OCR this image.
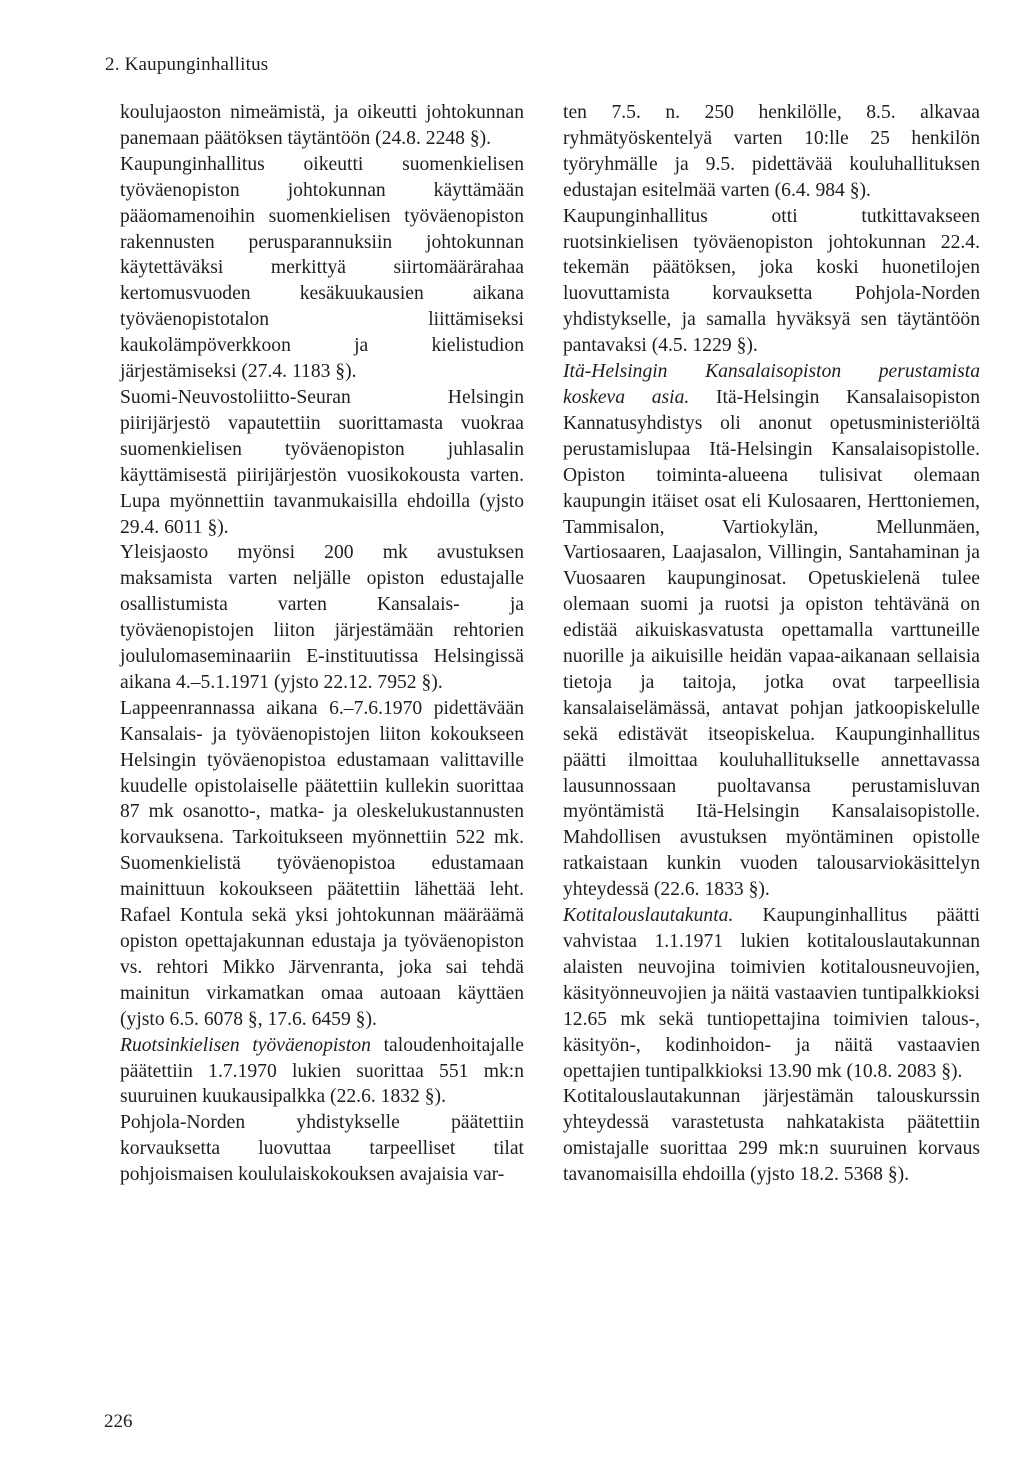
2. Kaupunginhallitus

koulujaoston nimeämistä, ja oikeutti johtokunnan panemaan päätöksen täytäntöön (24.8. 2248 §).

Kaupunginhallitus oikeutti suomenkielisen työväenopiston johtokunnan käyttämään pääomamenoihin suomenkielisen työväenopiston rakennusten perusparannuksiin johtokunnan käytettäväksi merkittyä siirtomäärärahaa kertomusvuoden kesäkuukausien aikana työväenopistotalon liittämiseksi kaukolämpöverkkoon ja kielistudion järjestämiseksi (27.4. 1183 §).

Suomi-Neuvostoliitto-Seuran Helsingin piirijärjestö vapautettiin suorittamasta vuokraa suomenkielisen työväenopiston juhlasalin käyttämisestä piirijärjestön vuosikokousta varten. Lupa myönnettiin tavanmukaisilla ehdoilla (yjsto 29.4. 6011 §).

Yleisjaosto myönsi 200 mk avustuksen maksamista varten neljälle opiston edustajalle osallistumista varten Kansalais- ja työväenopistojen liiton järjestämään rehtorien joululomaseminaariin E-instituutissa Helsingissä aikana 4.–5.1.1971 (yjsto 22.12. 7952 §).

Lappeenrannassa aikana 6.–7.6.1970 pidettävään Kansalais- ja työväenopistojen liiton kokoukseen Helsingin työväenopistoa edustamaan valittaville kuudelle opistolaiselle päätettiin kullekin suorittaa 87 mk osanotto-, matka- ja oleskelukustannusten korvauksena. Tarkoitukseen myönnettiin 522 mk. Suomenkielistä työväenopistoa edustamaan mainittuun kokoukseen päätettiin lähettää leht. Rafael Kontula sekä yksi johtokunnan määräämä opiston opettajakunnan edustaja ja työväenopiston vs. rehtori Mikko Järvenranta, joka sai tehdä mainitun virkamatkan omaa autoaan käyttäen (yjsto 6.5. 6078 §, 17.6. 6459 §).

Ruotsinkielisen työväenopiston taloudenhoitajalle päätettiin 1.7.1970 lukien suorittaa 551 mk:n suuruinen kuukausipalkka (22.6. 1832 §).

Pohjola-Norden yhdistykselle päätettiin korvauksetta luovuttaa tarpeelliset tilat pohjoismaisen koululaiskokouksen avajaisia var-

ten 7.5. n. 250 henkilölle, 8.5. alkavaa ryhmätyöskentelyä varten 10:lle 25 henkilön työryhmälle ja 9.5. pidettävää kouluhallituksen edustajan esitelmää varten (6.4. 984 §).

Kaupunginhallitus otti tutkittavakseen ruotsinkielisen työväenopiston johtokunnan 22.4. tekemän päätöksen, joka koski huonetilojen luovuttamista korvauksetta Pohjola-Norden yhdistykselle, ja samalla hyväksyä sen täytäntöön pantavaksi (4.5. 1229 §).

Itä-Helsingin Kansalaisopiston perustamista koskeva asia. Itä-Helsingin Kansalaisopiston Kannatusyhdistys oli anonut opetusministeriöltä perustamislupaa Itä-Helsingin Kansalaisopistolle. Opiston toiminta-alueena tulisivat olemaan kaupungin itäiset osat eli Kulosaaren, Herttoniemen, Tammisalon, Vartiokylän, Mellunmäen, Vartiosaaren, Laajasalon, Villingin, Santahaminan ja Vuosaaren kaupunginosat. Opetuskielenä tulee olemaan suomi ja ruotsi ja opiston tehtävänä on edistää aikuiskasvatusta opettamalla varttuneille nuorille ja aikuisille heidän vapaa-aikanaan sellaisia tietoja ja taitoja, jotka ovat tarpeellisia kansalaiselämässä, antavat pohjan jatkoopiskelulle sekä edistävät itseopiskelua. Kaupunginhallitus päätti ilmoittaa kouluhallitukselle annettavassa lausunnossaan puoltavansa perustamisluvan myöntämistä Itä-Helsingin Kansalaisopistolle. Mahdollisen avustuksen myöntäminen opistolle ratkaistaan kunkin vuoden talousarviokäsittelyn yhteydessä (22.6. 1833 §).

Kotitalouslautakunta. Kaupunginhallitus päätti vahvistaa 1.1.1971 lukien kotitalouslautakunnan alaisten neuvojina toimivien kotitalousneuvojien, käsityönneuvojien ja näitä vastaavien tuntipalkkioksi 12.65 mk sekä tuntiopettajina toimivien talous-, käsityön-, kodinhoidon- ja näitä vastaavien opettajien tuntipalkkioksi 13.90 mk (10.8. 2083 §).

Kotitalouslautakunnan järjestämän talouskurssin yhteydessä varastetusta nahkatakista päätettiin omistajalle suorittaa 299 mk:n suuruinen korvaus tavanomaisilla ehdoilla (yjsto 18.2. 5368 §).

226
